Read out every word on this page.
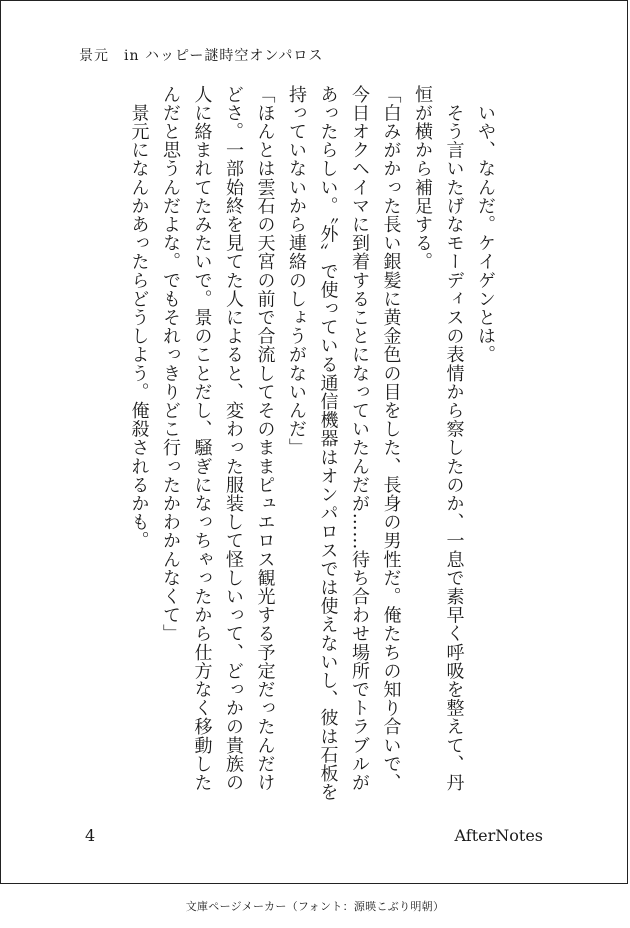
景元　in ハッピー謎時空オンパロス

　いや、なんだ。ケイゲンとは。

　そう言いたげなモーディスの表情から察したのか、一息で素早く呼吸を整えて、丹恒が横から補足する。

「白みがかった長い銀髪に黄金色の目をした、長身の男性だ。俺たちの知り合いで、今日オクヘイマに到着することになっていたんだが……待ち合わせ場所でトラブルがあったらしい。〝外〟で使っている通信機器はオンパロスでは使えないし、彼は石板を持っていないから連絡のしょうがないんだ」

「ほんとは雲石の天宮の前で合流してそのままピュエロス観光する予定だったんだけどさ。一部始終を見てた人によると、変わった服装して怪しいって、どっかの貴族の人に絡まれてたみたいで。景のことだし、騒ぎになっちゃったから仕方なく移動したんだと思うんだよな。でもそれっきりどこ行ったかわかんなくて」

　景元になんかあったらどうしよう。俺殺されるかも。

4	AfterNotes
文庫ページメーカー（フォント：源暎こぶり明朝）
